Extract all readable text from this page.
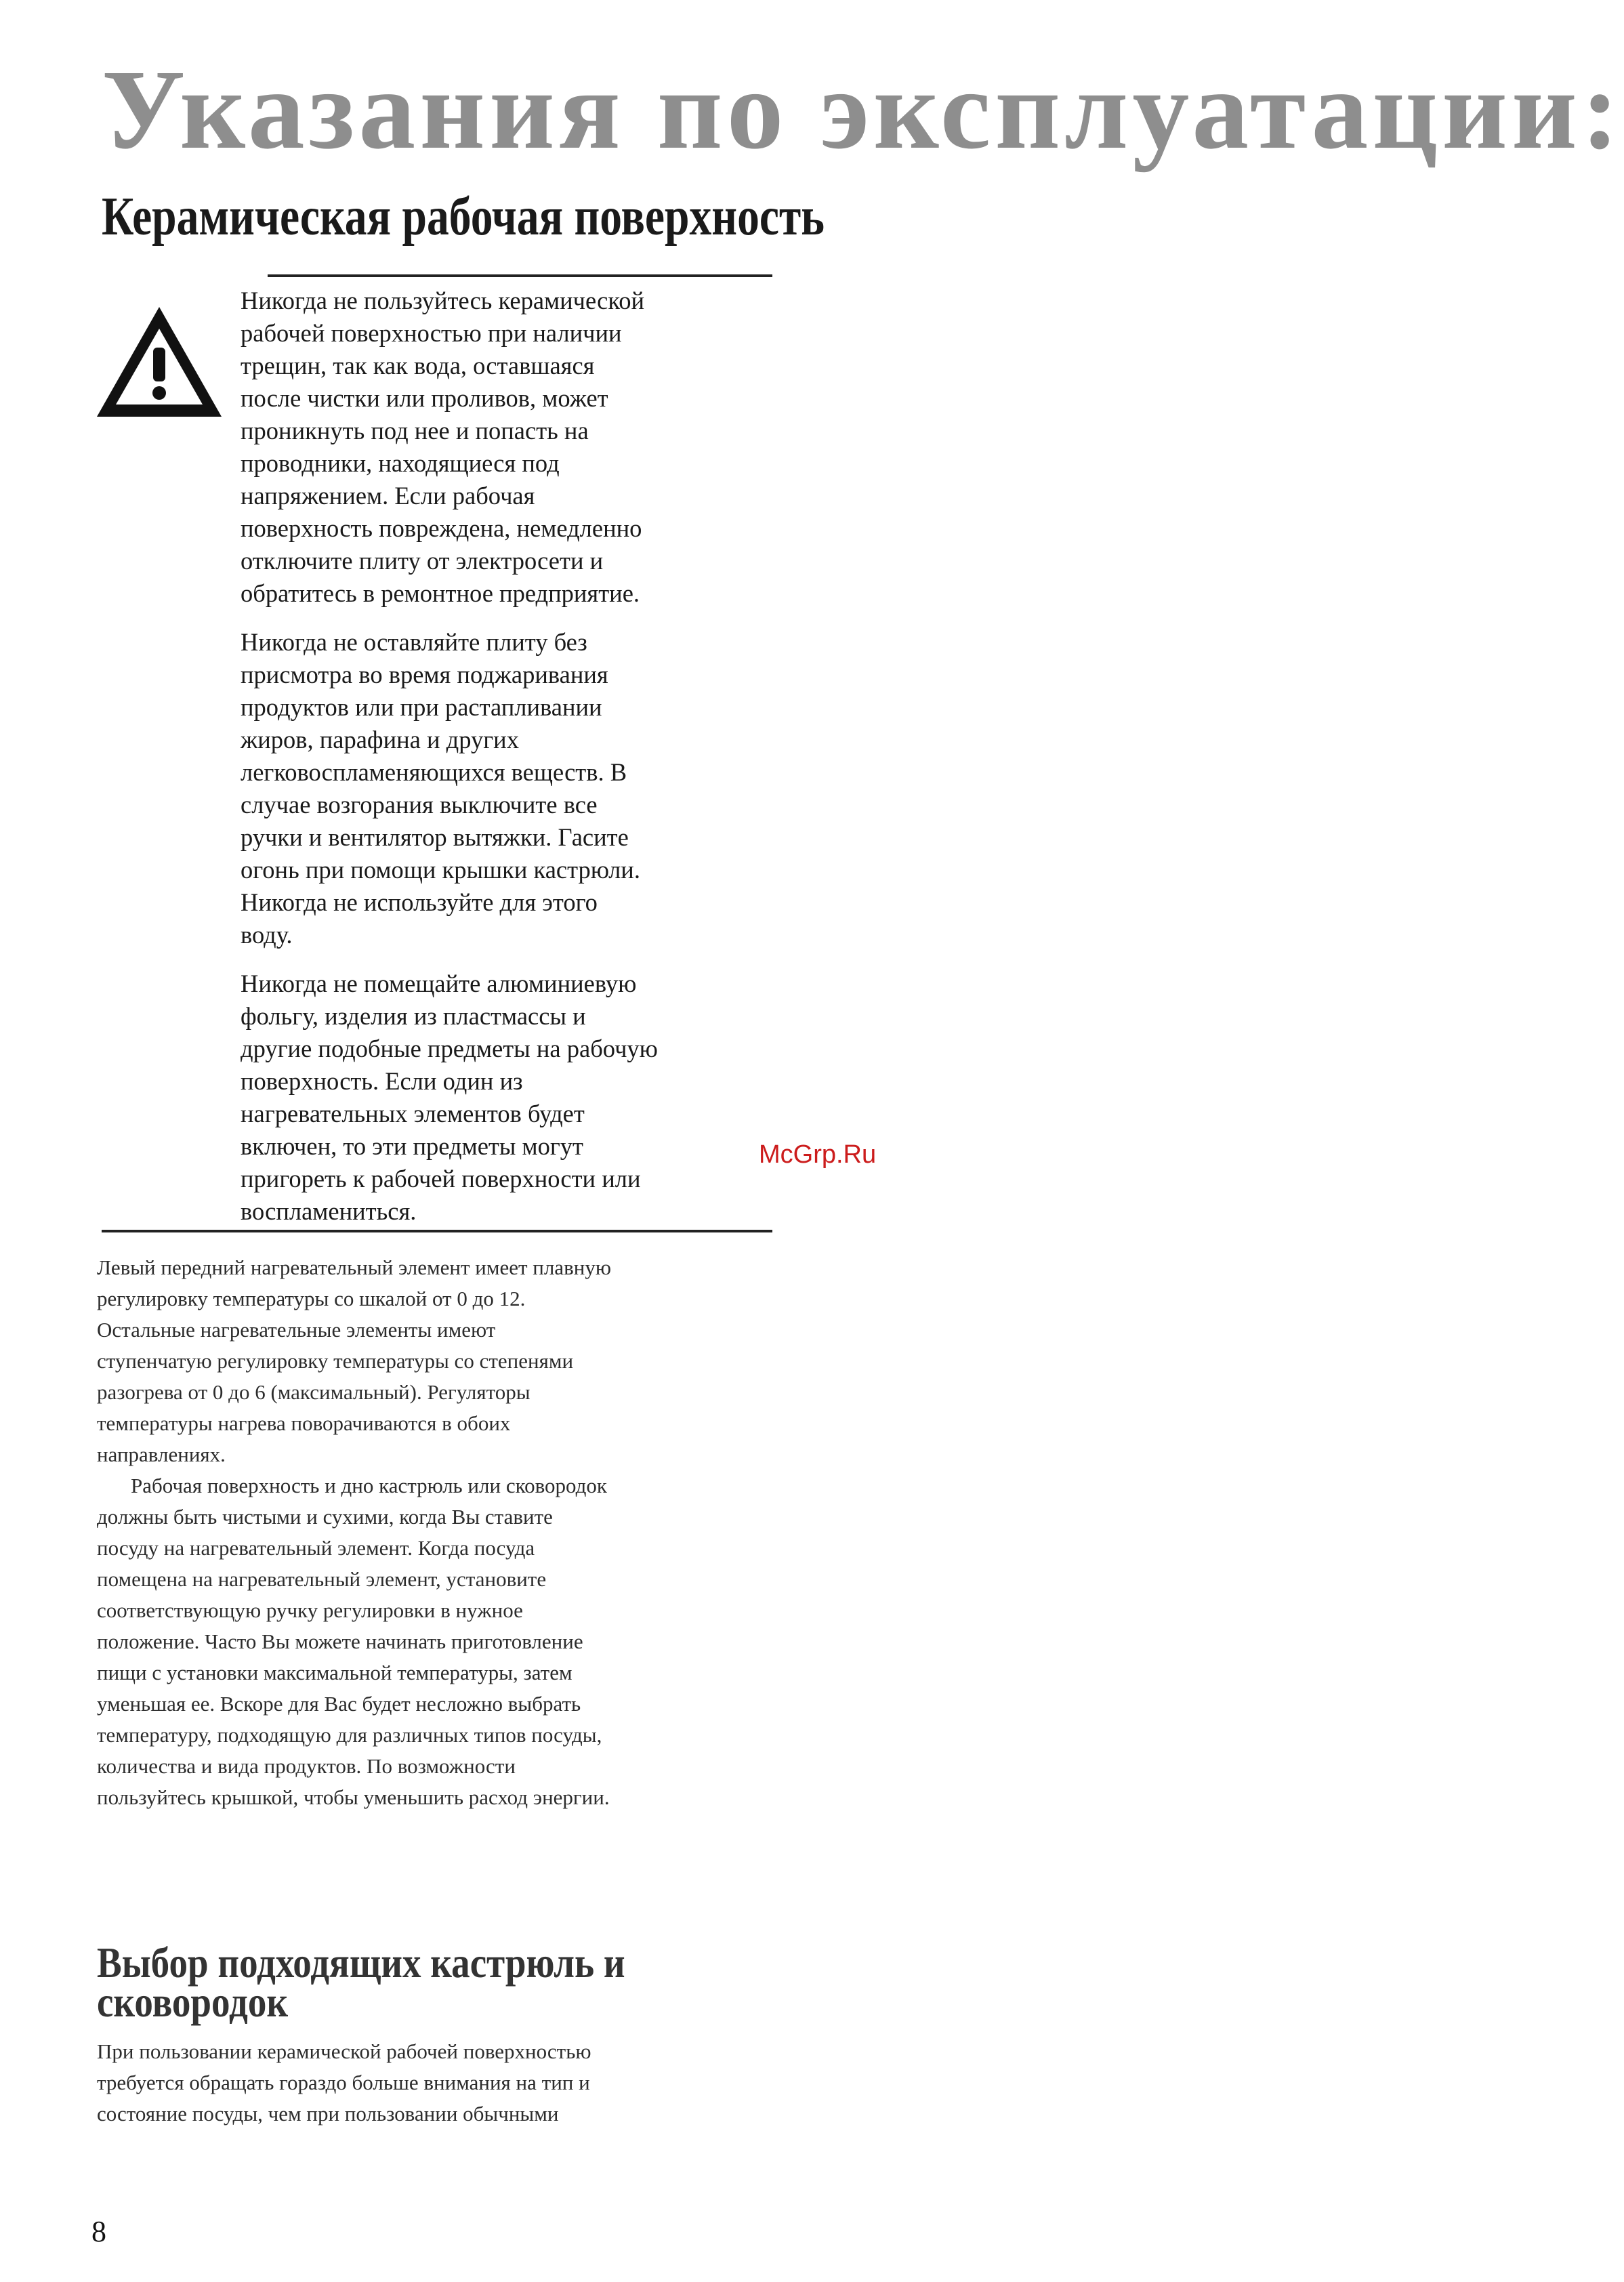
Указания по эксплуатации:
Керамическая рабочая поверхность

Никогда не пользуйтесь керамической
рабочей поверхностью при наличии
трещин, так как вода, оставшаяся
после чистки или проливов, может
проникнуть под нее и попасть на
проводники, находящиеся под
напряжением. Если рабочая
поверхность повреждена, немедленно
отключите плиту от электросети и
обратитесь в ремонтное предприятие.

Никогда не оставляйте плиту без
присмотра во время поджаривания
продуктов или при растапливании
жиров, парафина и других
легковоспламеняющихся веществ. В
случае возгорания выключите все
ручки и вентилятор вытяжки. Гасите
огонь при помощи крышки кастрюли.
Никогда не используйте для этого
воду.

Никогда не помещайте алюминиевую
фольгу, изделия из пластмассы и
другие подобные предметы на рабочую
поверхность. Если один из
нагревательных элементов будет
включен, то эти предметы могут
пригореть к рабочей поверхности или
воспламениться.

McGrp.Ru

Левый передний нагревательный элемент имеет плавную
регулировку температуры со шкалой от 0 до 12.
Остальные нагревательные элементы имеют
ступенчатую регулировку температуры со степенями
разогрева от 0 до 6 (максимальный). Регуляторы
температуры нагрева поворачиваются в обоих
направлениях.

Рабочая поверхность и дно кастрюль или сковородок
должны быть чистыми и сухими, когда Вы ставите
посуду на нагревательный элемент. Когда посуда
помещена на нагревательный элемент, установите
соответствующую ручку регулировки в нужное
положение. Часто Вы можете начинать приготовление
пищи с установки максимальной температуры, затем
уменьшая ее. Вскоре для Вас будет несложно выбрать
температуру, подходящую для различных типов посуды,
количества и вида продуктов. По возможности
пользуйтесь крышкой, чтобы уменьшить расход энергии.

Выбор подходящих кастрюль и
сковородок

При пользовании керамической рабочей поверхностью
требуется обращать гораздо больше внимания на тип и
состояние посуды, чем при пользовании обычными

8
